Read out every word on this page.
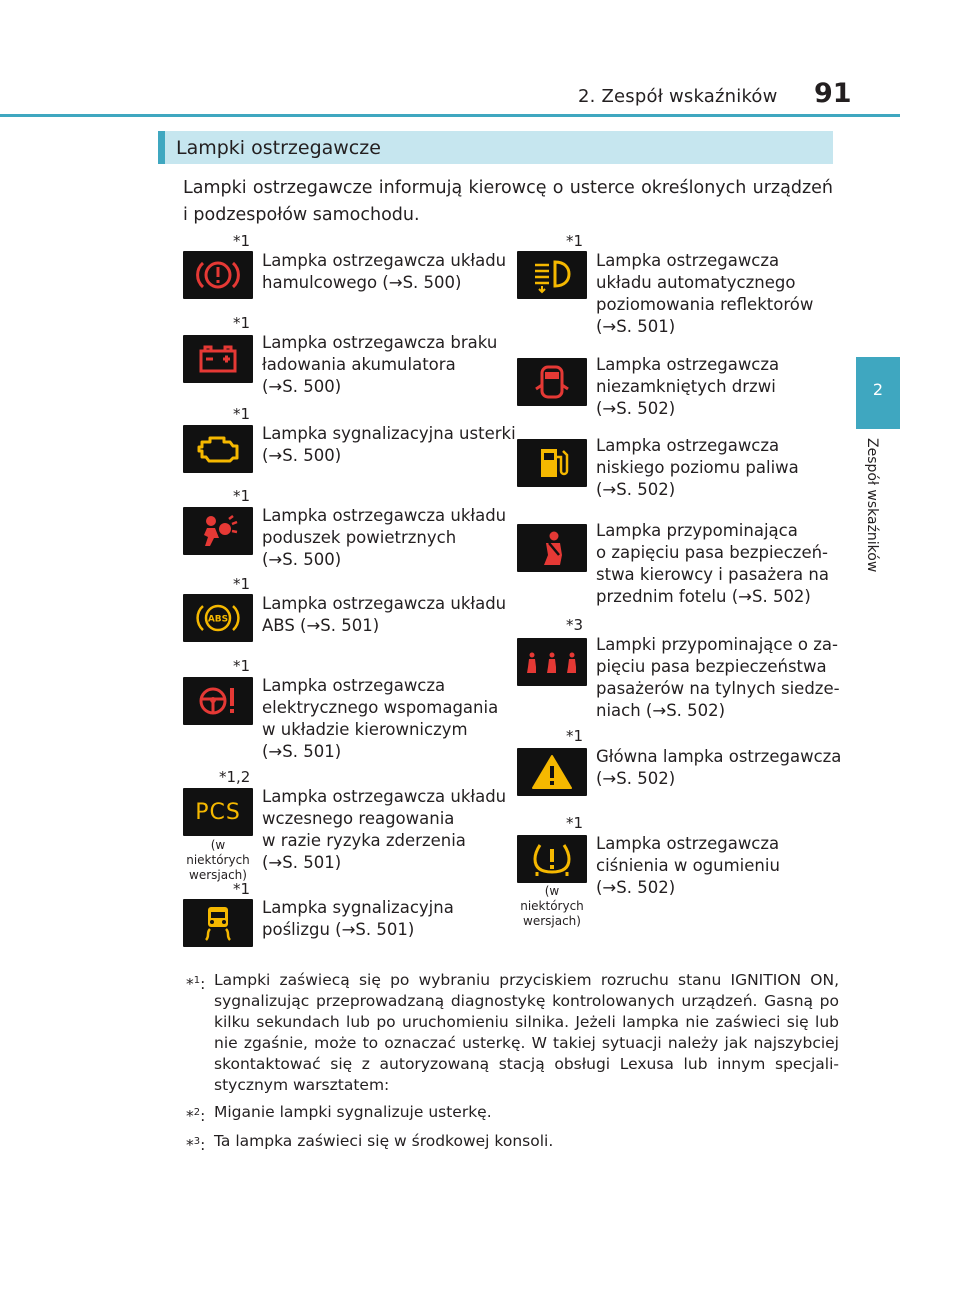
2. Zespół wskaźników 91
2
Zespół wskaźników
Lampki ostrzegawcze
Lampki ostrzegawcze informują kierowcę o usterce określonych urządzeń i podzespołów samochodu.
*1
Lampka ostrzegawcza układu
hamulcowego (→S. 500)
*1
Lampka ostrzegawcza braku
ładowania akumulatora
(→S. 500)
*1
Lampka sygnalizacyjna usterki
(→S. 500)
*1
Lampka ostrzegawcza układu
poduszek powietrznych
(→S. 500)
*1
ABS
Lampka ostrzegawcza układu
ABS (→S. 501)
*1
Lampka ostrzegawcza
elektrycznego wspomagania
w układzie kierowniczym
(→S. 501)
*1,2
PCS
(w niektórych
wersjach)
Lampka ostrzegawcza układu
wczesnego reagowania
w razie ryzyka zderzenia
(→S. 501)
*1
Lampka sygnalizacyjna
poślizgu (→S. 501)
*1
Lampka ostrzegawcza
układu automatycznego
poziomowania reflektorów
(→S. 501)
Lampka ostrzegawcza
niezamkniętych drzwi
(→S. 502)
Lampka ostrzegawcza
niskiego poziomu paliwa
(→S. 502)
Lampka przypominająca
o zapięciu pasa bezpieczeń-
stwa kierowcy i pasażera na
przednim fotelu (→S. 502)
*3
Lampki przypominające o za-
pięciu pasa bezpieczeństwa
pasażerów na tylnych siedze-
niach (→S. 502)
*1
Główna lampka ostrzegawcza
(→S. 502)
*1
(w niektórych
wersjach)
Lampka ostrzegawcza
ciśnienia w ogumieniu
(→S. 502)
*$^1$: Lampki zaświecą się po wybraniu przyciskiem rozruchu stanu IGNITION ON, sygnalizując przeprowadzaną diagnostykę kontrolowanych urządzeń. Gasną po kilku sekundach lub po uruchomieniu silnika. Jeżeli lampka nie zaświeci się lub nie zgaśnie, może to oznaczać usterkę. W takiej sytuacji należy jak najszybciej skontaktować się z autoryzowaną stacją obsługi Lexusa lub innym specjalistycznym warsztatem:
*$^2$: Miganie lampki sygnalizuje usterkę.
*$^3$: Ta lampka zaświeci się w środkowej konsoli.
